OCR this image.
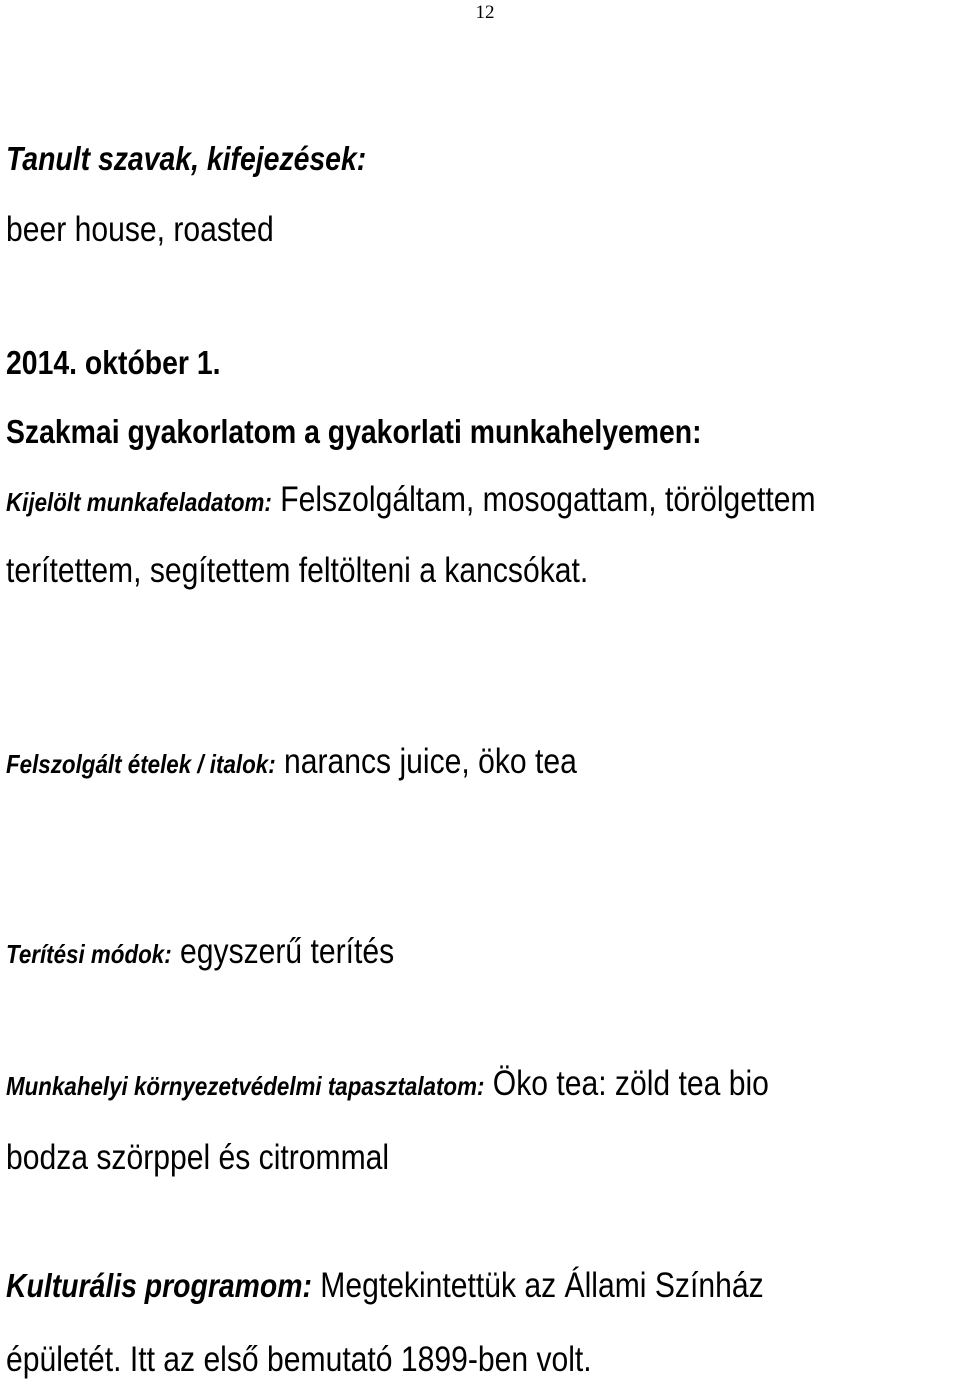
12
Tanult szavak, kifejezések:
beer house, roasted
2014. október 1.
Szakmai gyakorlatom a gyakorlati munkahelyemen:
Kijelölt munkafeladatom: Felszolgáltam, mosogattam, törölgettem
terítettem, segítettem feltölteni a kancsókat.
Felszolgált ételek / italok: narancs juice, öko tea
Terítési módok: egyszerű terítés
Munkahelyi környezetvédelmi tapasztalatom: Öko tea: zöld tea bio
bodza szörppel és citrommal
Kulturális programom: Megtekintettük az Állami Színház
épületét. Itt az első bemutató 1899-ben volt.
